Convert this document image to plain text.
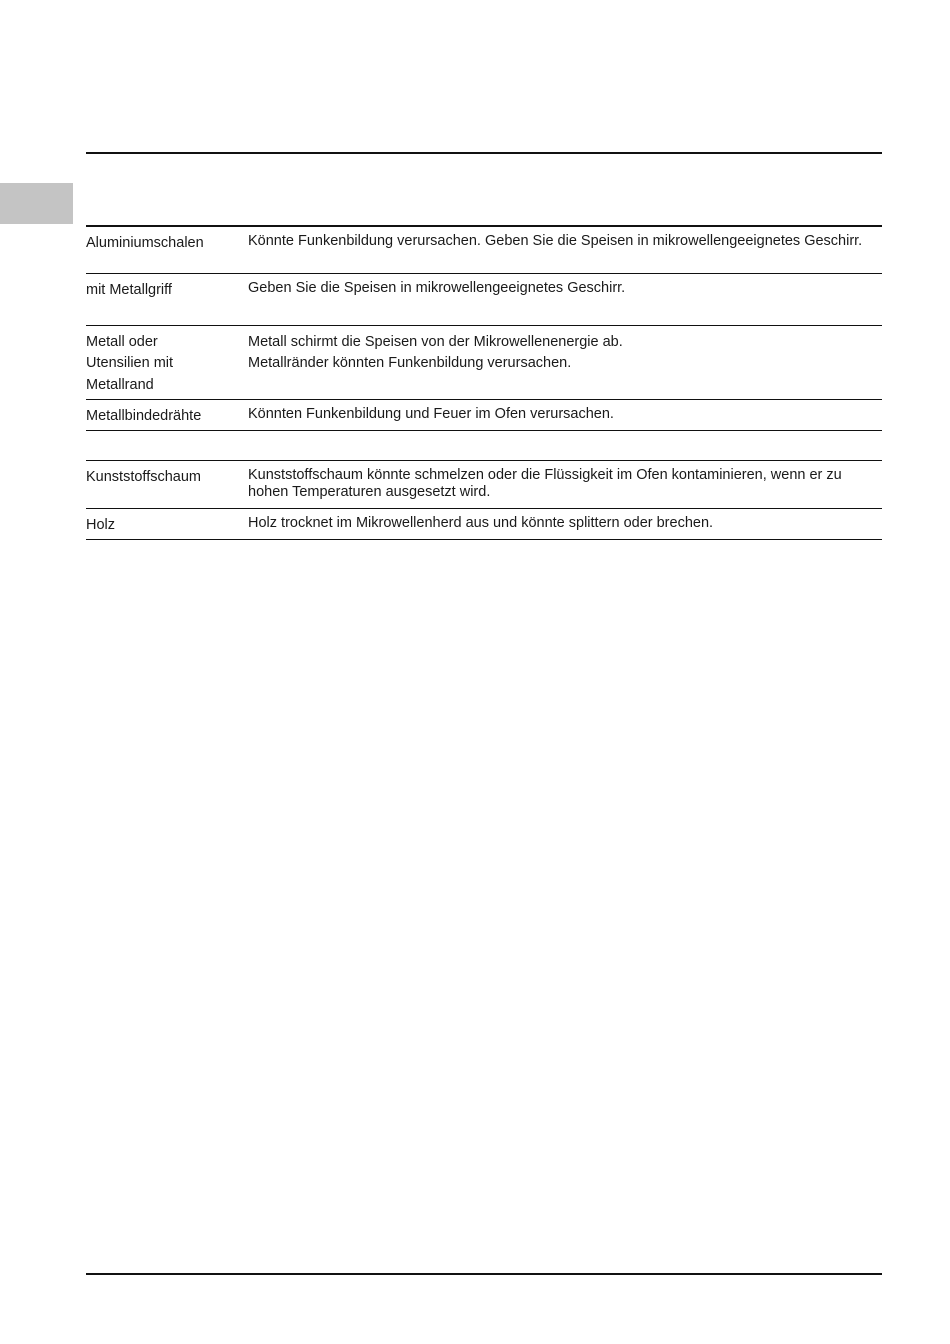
Aluminiumschalen	Könnte Funkenbildung verursachen. Geben Sie die Speisen in mikrowellengeeignetes Geschirr.

mit Metallgriff	Geben Sie die Speisen in mikrowellengeeignetes Geschirr.

Metall oder
Utensilien mit
Metallrand	Metall schirmt die Speisen von der Mikrowellenenergie ab.
Metallränder könnten Funkenbildung verursachen.

Metallbindedrähte	Könnten Funkenbildung und Feuer im Ofen verursachen.

Kunststoffschaum	Kunststoffschaum könnte schmelzen oder die Flüssigkeit im Ofen kontaminieren, wenn er zu hohen Temperaturen ausgesetzt wird.

Holz	Holz trocknet im Mikrowellenherd aus und könnte splittern oder brechen.
